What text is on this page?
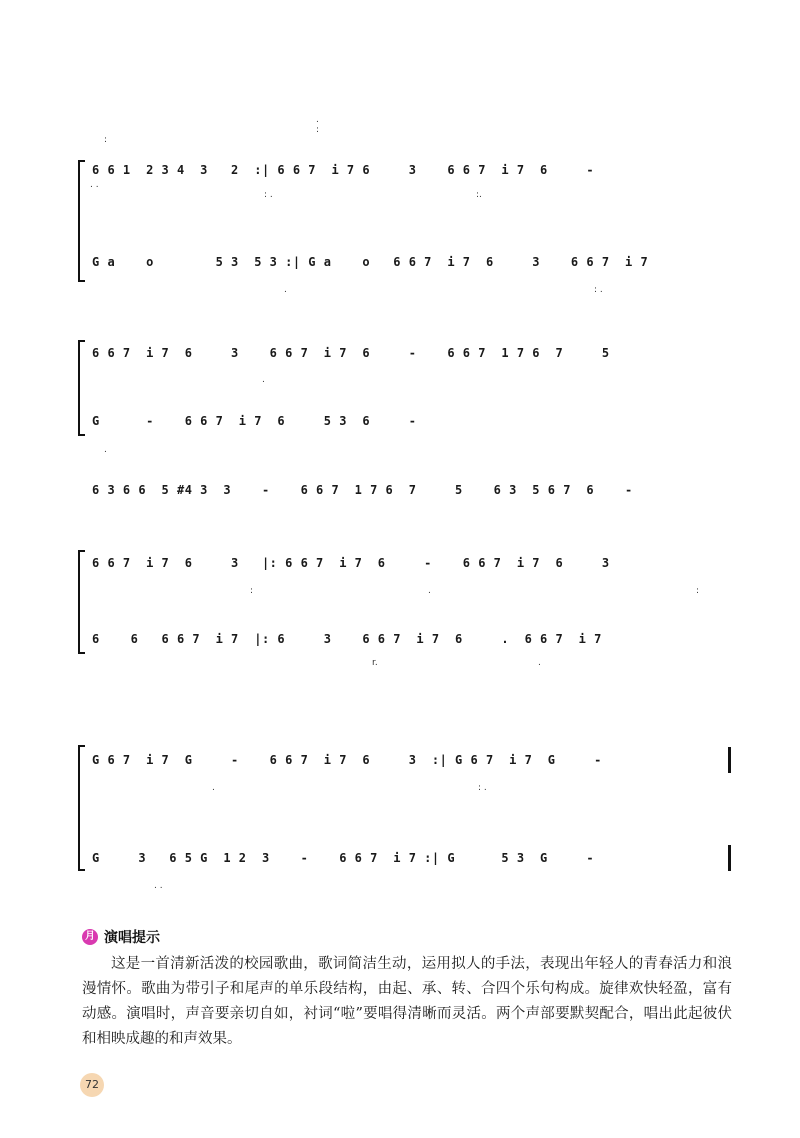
:
.
:
6 6 1  2 3 4  3   2  :| 6 6 7  i 7 6     3    6 6 7  i 7  6     -
. .
: .	:.
G a    o        5 3  5 3 :| G a    o   6 6 7  i 7  6     3    6 6 7  i 7
.	: .
6 6 7  i 7  6     3    6 6 7  i 7  6     -    6 6 7  1 7 6  7     5
.
G      -    6 6 7  i 7  6     5 3  6     -
.
6 3 6 6  5 #4 3  3    -    6 6 7  1 7 6  7     5    6 3  5 6 7  6    -
6 6 7  i 7  6     3   |: 6 6 7  i 7  6     -    6 6 7  i 7  6     3
:	.	:
6    6   6 6 7  i 7  |: 6     3    6 6 7  i 7  6     .  6 6 7  i 7
r.	.
G 6 7  i 7  G     -    6 6 7  i 7  6     3  :| G 6 7  i 7  G     -
.	: .
G     3   6 5 G  1 2  3    -    6 6 7  i 7 :| G      5 3  G     -
. .
月 演唱提示
这是一首清新活泼的校园歌曲，歌词简洁生动，运用拟人的手法，表现出年轻人的青春活力和浪漫情怀。歌曲为带引子和尾声的单乐段结构，由起、承、转、合四个乐句构成。旋律欢快轻盈，富有动感。演唱时，声音要亲切自如，衬词“啦”要唱得清晰而灵活。两个声部要默契配合，唱出此起彼伏和相映成趣的和声效果。
72
